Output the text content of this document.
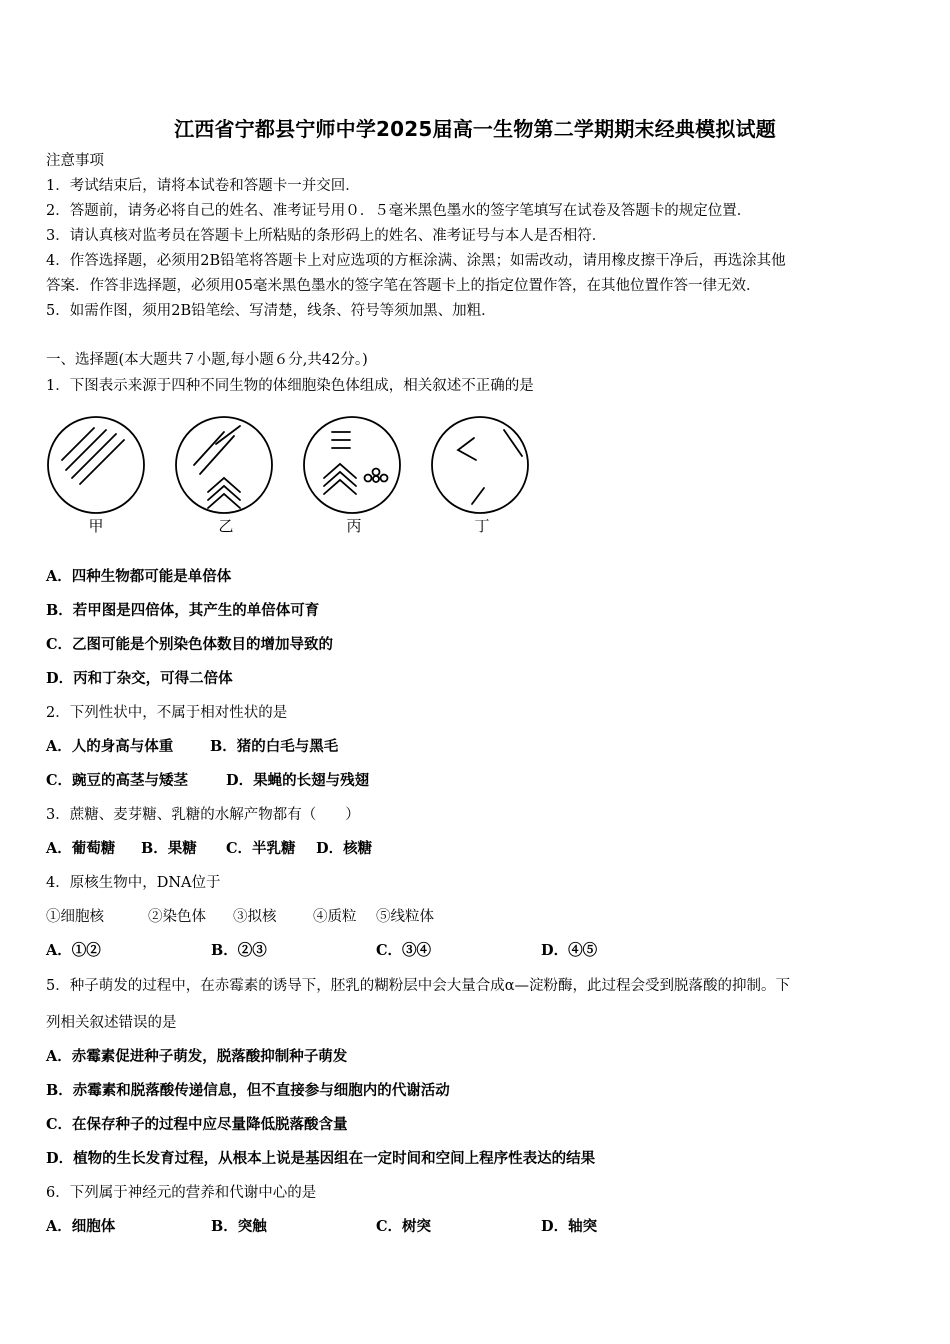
江西省宁都县宁师中学2025届高一生物第二学期期末经典模拟试题
注意事项
1．考试结束后，请将本试卷和答题卡一并交回．
2．答题前，请务必将自己的姓名、准考证号用０．５毫米黑色墨水的签字笔填写在试卷及答题卡的规定位置．
3．请认真核对监考员在答题卡上所粘贴的条形码上的姓名、准考证号与本人是否相符．
4．作答选择题，必须用2B铅笔将答题卡上对应选项的方框涂满、涂黑；如需改动，请用橡皮擦干净后，再选涂其他
答案．作答非选择题，必须用05毫米黑色墨水的签字笔在答题卡上的指定位置作答，在其他位置作答一律无效．
5．如需作图，须用2B铅笔绘、写清楚，线条、符号等须加黑、加粗．
一、选择题(本大题共７小题,每小题６分,共42分。)
1．下图表示来源于四种不同生物的体细胞染色体组成，相关叙述不正确的是
甲	乙	丙	丁
A．四种生物都可能是单倍体
B．若甲图是四倍体，其产生的单倍体可育
C．乙图可能是个别染色体数目的增加导致的
D．丙和丁杂交，可得二倍体
2．下列性状中，不属于相对性状的是
A．人的身高与体重	B．猪的白毛与黑毛
C．豌豆的高茎与矮茎	D．果蝇的长翅与残翅
3．蔗糖、麦芽糖、乳糖的水解产物都有（　　）
A．葡萄糖 B．果糖 C．半乳糖 D．核糖
4．原核生物中，DNA位于
①细胞核	②染色体 ③拟核	④质粒 ⑤线粒体
A．①②	B．②③	C．③④	D．④⑤
5．种子萌发的过程中，在赤霉素的诱导下，胚乳的糊粉层中会大量合成α—淀粉酶，此过程会受到脱落酸的抑制。下
列相关叙述错误的是
A．赤霉素促进种子萌发，脱落酸抑制种子萌发
B．赤霉素和脱落酸传递信息，但不直接参与细胞内的代谢活动
C．在保存种子的过程中应尽量降低脱落酸含量
D．植物的生长发育过程，从根本上说是基因组在一定时间和空间上程序性表达的结果
6．下列属于神经元的营养和代谢中心的是
A．细胞体	B．突触	C．树突	D．轴突
